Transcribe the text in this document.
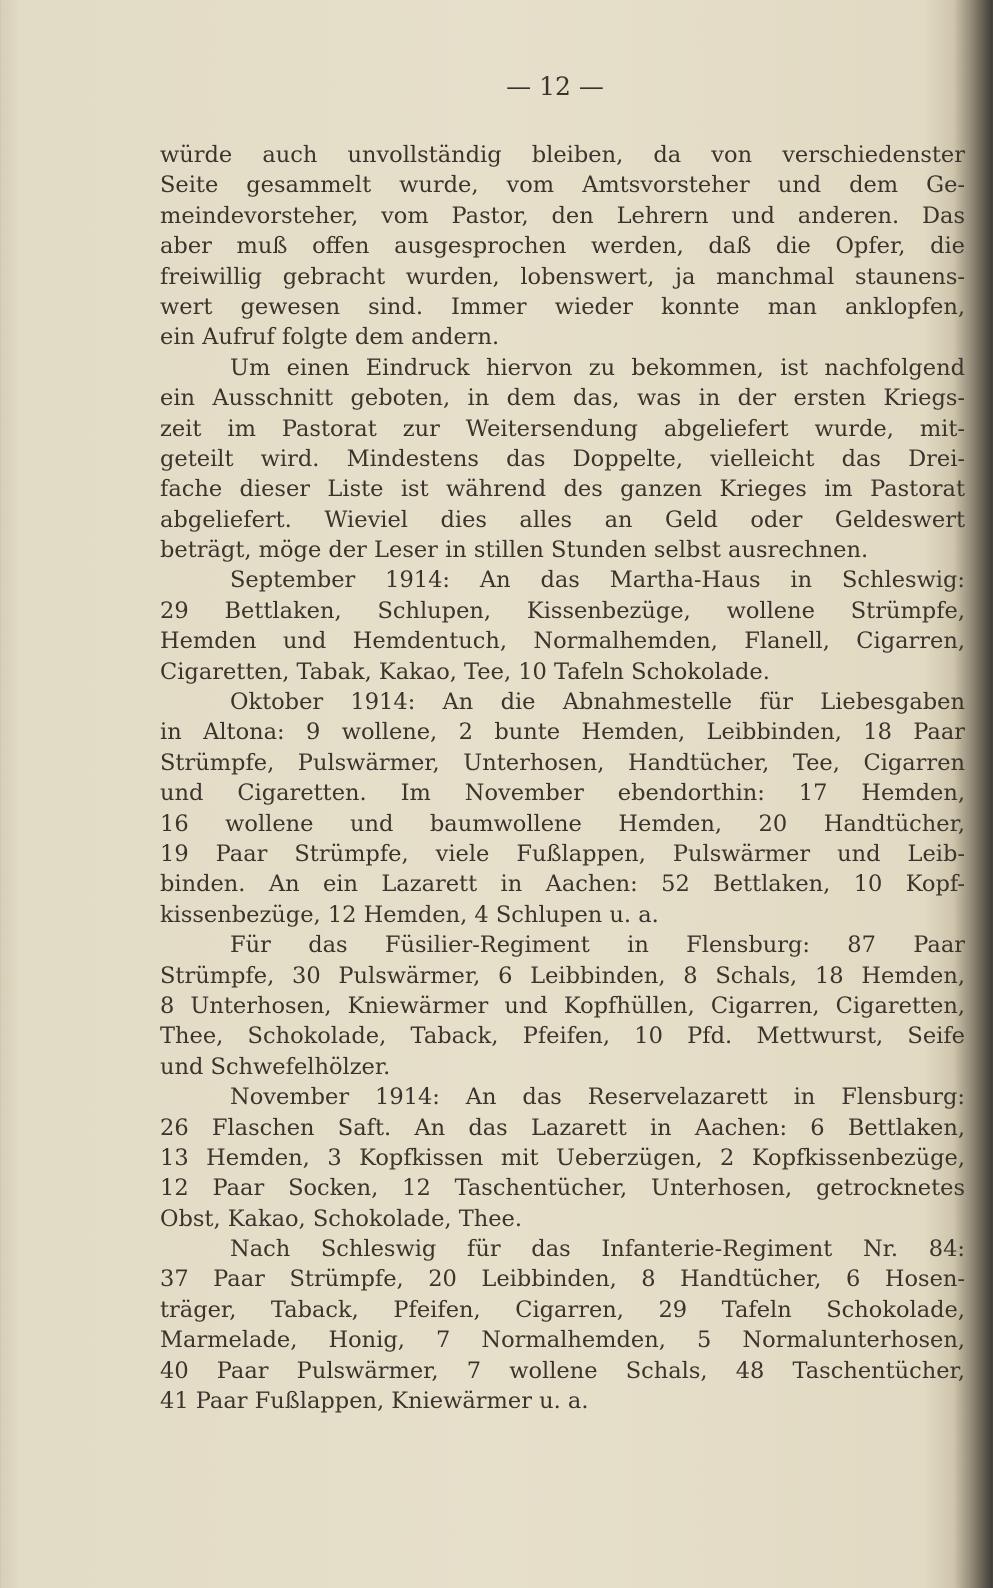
— 12 —
würde auch unvollständig bleiben, da von verschiedenster
Seite gesammelt wurde, vom Amtsvorsteher und dem Ge-
meindevorsteher, vom Pastor, den Lehrern und anderen. Das
aber muß offen ausgesprochen werden, daß die Opfer, die
freiwillig gebracht wurden, lobenswert, ja manchmal staunens-
wert gewesen sind. Immer wieder konnte man anklopfen,
ein Aufruf folgte dem andern.
Um einen Eindruck hiervon zu bekommen, ist nachfolgend
ein Ausschnitt geboten, in dem das, was in der ersten Kriegs-
zeit im Pastorat zur Weitersendung abgeliefert wurde, mit-
geteilt wird. Mindestens das Doppelte, vielleicht das Drei-
fache dieser Liste ist während des ganzen Krieges im Pastorat
abgeliefert. Wieviel dies alles an Geld oder Geldeswert
beträgt, möge der Leser in stillen Stunden selbst ausrechnen.
September 1914: An das Martha-Haus in Schleswig:
29 Bettlaken, Schlupen, Kissenbezüge, wollene Strümpfe,
Hemden und Hemdentuch, Normalhemden, Flanell, Cigarren,
Cigaretten, Tabak, Kakao, Tee, 10 Tafeln Schokolade.
Oktober 1914: An die Abnahmestelle für Liebesgaben
in Altona: 9 wollene, 2 bunte Hemden, Leibbinden, 18 Paar
Strümpfe, Pulswärmer, Unterhosen, Handtücher, Tee, Cigarren
und Cigaretten. Im November ebendorthin: 17 Hemden,
16 wollene und baumwollene Hemden, 20 Handtücher,
19 Paar Strümpfe, viele Fußlappen, Pulswärmer und Leib-
binden. An ein Lazarett in Aachen: 52 Bettlaken, 10 Kopf-
kissenbezüge, 12 Hemden, 4 Schlupen u. a.
Für das Füsilier-Regiment in Flensburg: 87 Paar
Strümpfe, 30 Pulswärmer, 6 Leibbinden, 8 Schals, 18 Hemden,
8 Unterhosen, Kniewärmer und Kopfhüllen, Cigarren, Cigaretten,
Thee, Schokolade, Taback, Pfeifen, 10 Pfd. Mettwurst, Seife
und Schwefelhölzer.
November 1914: An das Reservelazarett in Flensburg:
26 Flaschen Saft. An das Lazarett in Aachen: 6 Bettlaken,
13 Hemden, 3 Kopfkissen mit Ueberzügen, 2 Kopfkissenbezüge,
12 Paar Socken, 12 Taschentücher, Unterhosen, getrocknetes
Obst, Kakao, Schokolade, Thee.
Nach Schleswig für das Infanterie-Regiment Nr. 84:
37 Paar Strümpfe, 20 Leibbinden, 8 Handtücher, 6 Hosen-
träger, Taback, Pfeifen, Cigarren, 29 Tafeln Schokolade,
Marmelade, Honig, 7 Normalhemden, 5 Normalunterhosen,
40 Paar Pulswärmer, 7 wollene Schals, 48 Taschentücher,
41 Paar Fußlappen, Kniewärmer u. a.
